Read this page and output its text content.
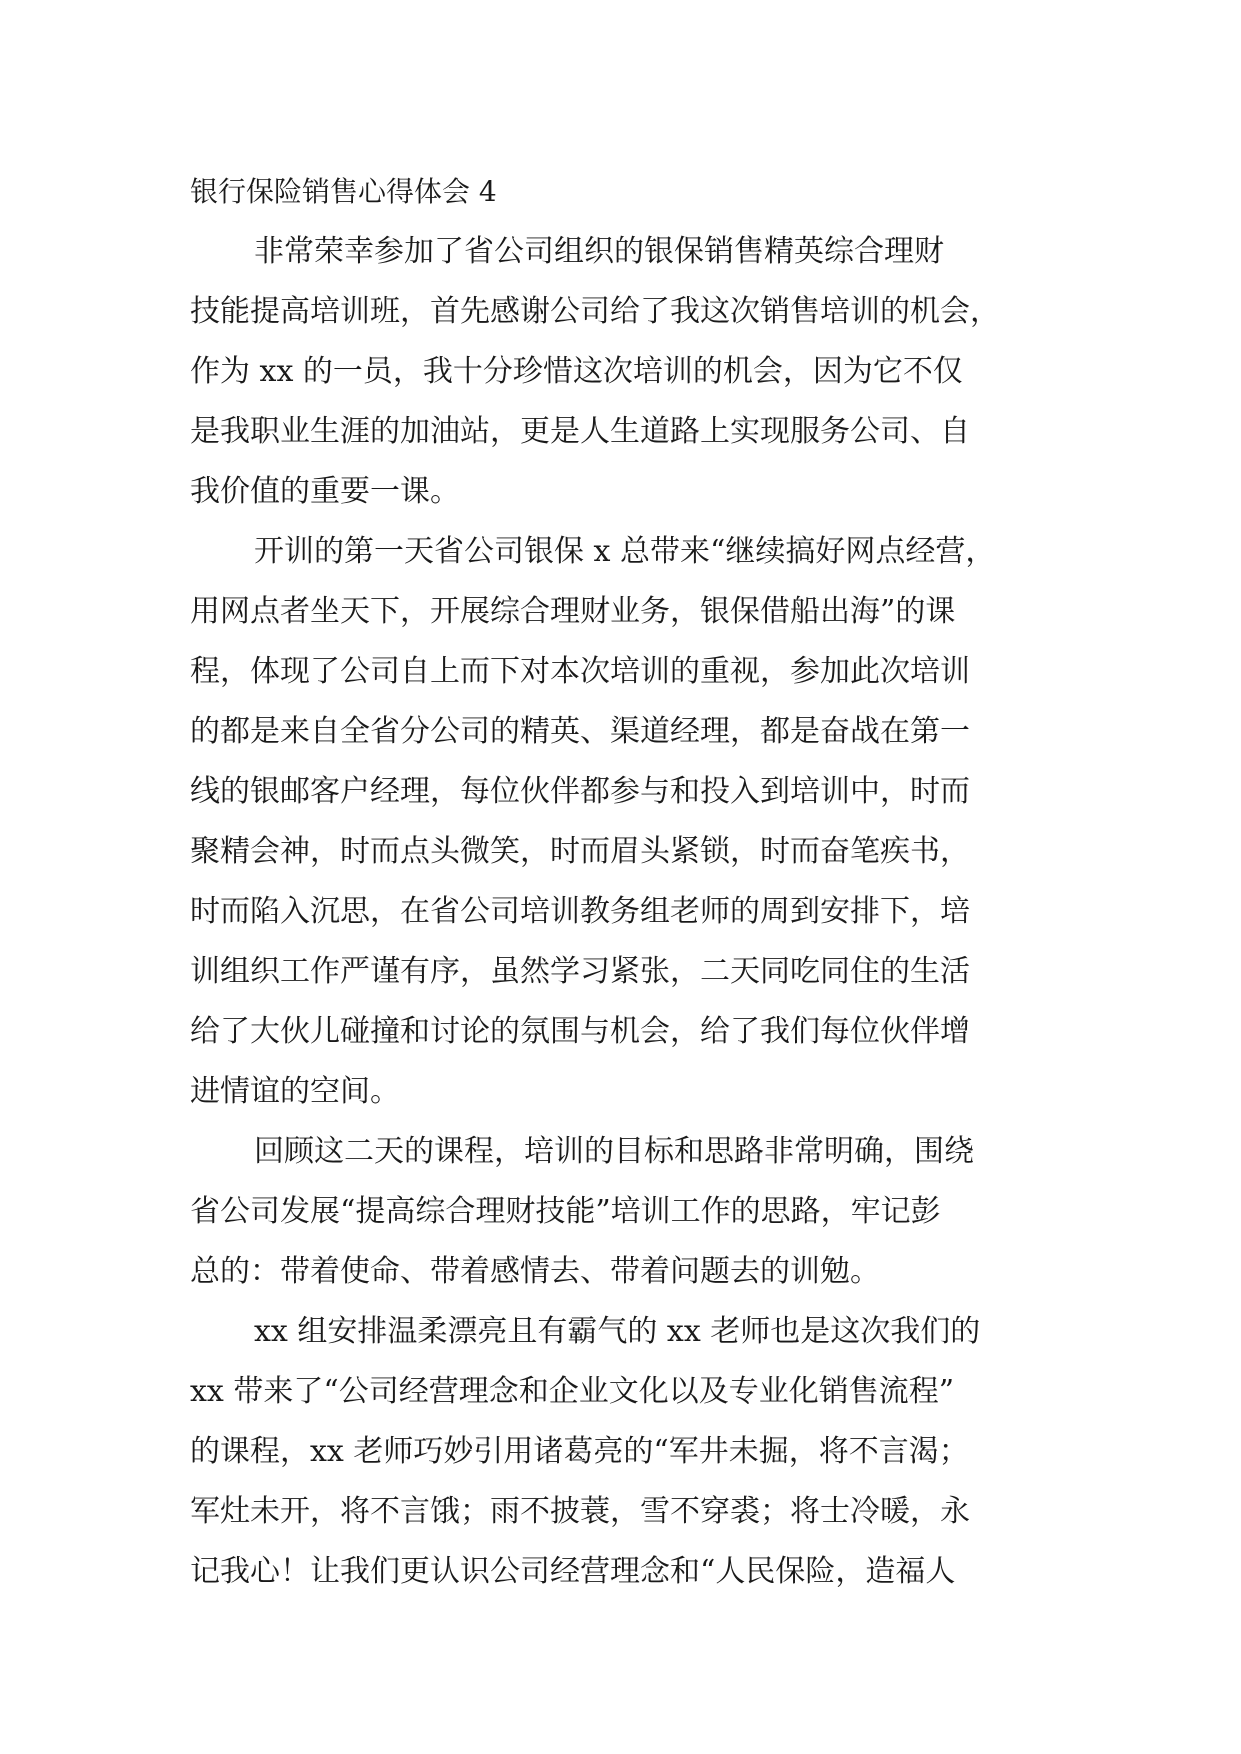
银行保险销售心得体会 4
非常荣幸参加了省公司组织的银保销售精英综合理财
技能提高培训班，首先感谢公司给了我这次销售培训的机会，
作为 xx 的一员，我十分珍惜这次培训的机会，因为它不仅
是我职业生涯的加油站，更是人生道路上实现服务公司、自
我价值的重要一课。
开训的第一天省公司银保 x 总带来“继续搞好网点经营，
用网点者坐天下，开展综合理财业务，银保借船出海”的课
程，体现了公司自上而下对本次培训的重视，参加此次培训
的都是来自全省分公司的精英、渠道经理，都是奋战在第一
线的银邮客户经理，每位伙伴都参与和投入到培训中，时而
聚精会神，时而点头微笑，时而眉头紧锁，时而奋笔疾书，
时而陷入沉思，在省公司培训教务组老师的周到安排下，培
训组织工作严谨有序，虽然学习紧张，二天同吃同住的生活
给了大伙儿碰撞和讨论的氛围与机会，给了我们每位伙伴增
进情谊的空间。
回顾这二天的课程，培训的目标和思路非常明确，围绕
省公司发展“提高综合理财技能”培训工作的思路，牢记彭
总的：带着使命、带着感情去、带着问题去的训勉。
xx 组安排温柔漂亮且有霸气的 xx 老师也是这次我们的
xx 带来了“公司经营理念和企业文化以及专业化销售流程”
的课程，xx 老师巧妙引用诸葛亮的“军井未掘，将不言渴；
军灶未开，将不言饿；雨不披蓑，雪不穿裘；将士冷暖，永
记我心！让我们更认识公司经营理念和“人民保险，造福人
